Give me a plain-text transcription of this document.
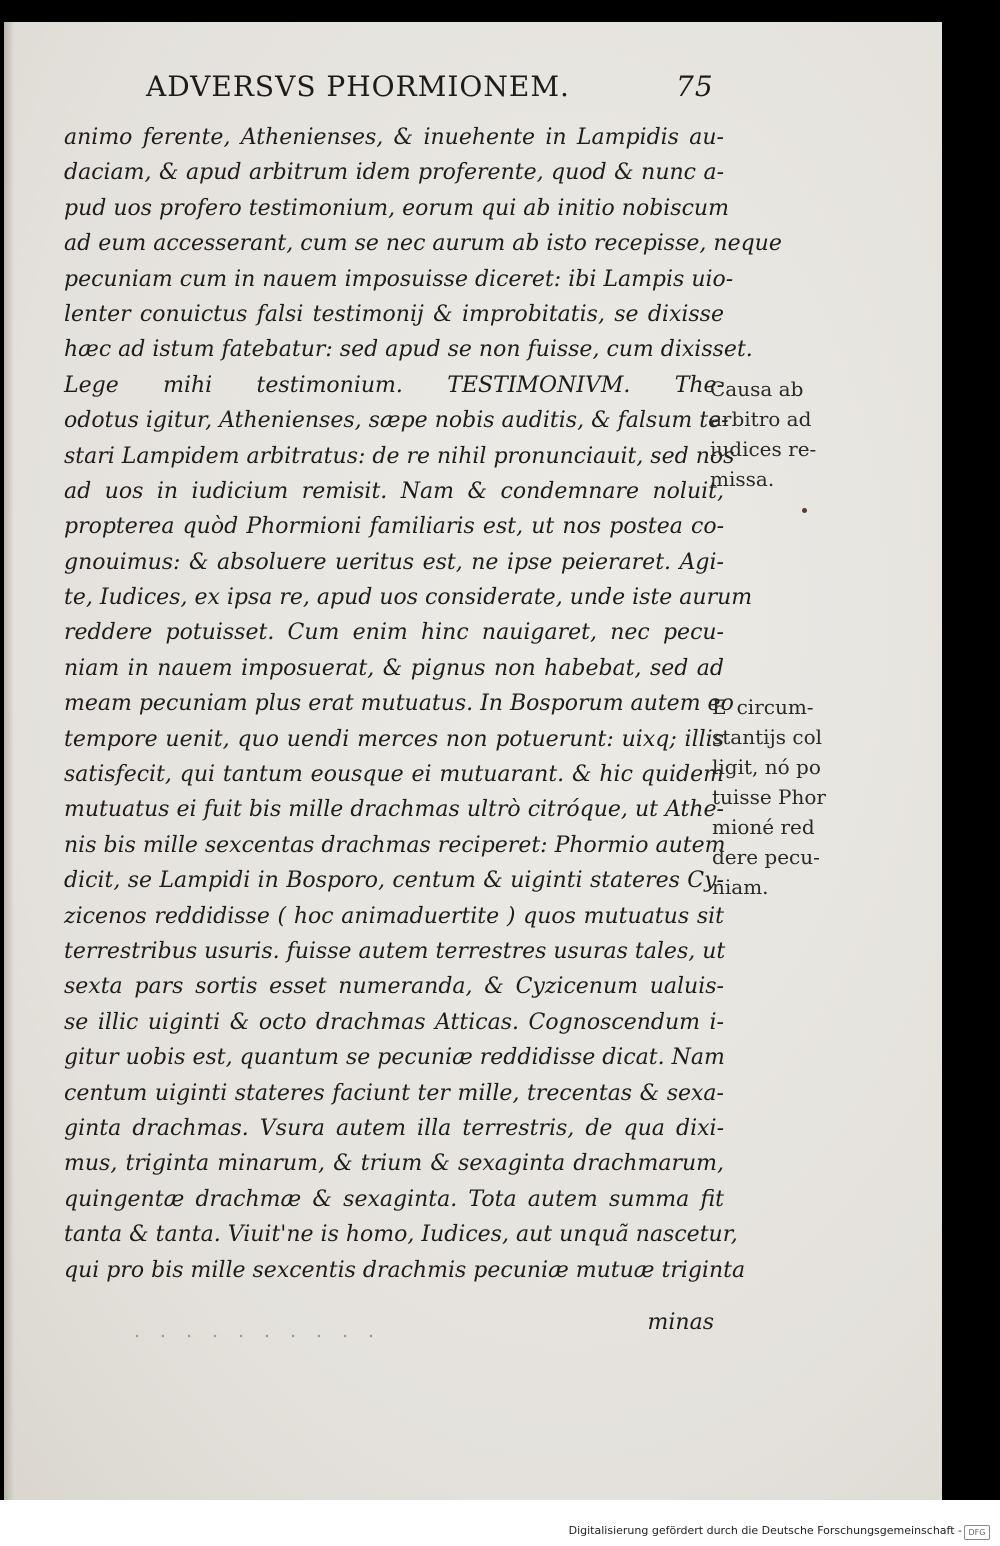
ADVERSVS PHORMIONEM.	75
animo ferente, Athenienses, & inuehente in Lampidis au-
daciam, & apud arbitrum idem proferente, quod & nunc a-
pud uos profero testimonium, eorum qui ab initio nobiscum
ad eum accesserant, cum se nec aurum ab isto recepisse, neque
pecuniam cum in nauem imposuisse diceret: ibi Lampis uio-
lenter conuictus falsi testimonij & improbitatis, se dixisse
hæc ad istum fatebatur: sed apud se non fuisse, cum dixisset.
Lege mihi testimonium. TESTIMONIVM. The-
odotus igitur, Athenienses, sæpe nobis auditis, & falsum te-
stari Lampidem arbitratus: de re nihil pronunciauit, sed nos
ad uos in iudicium remisit. Nam & condemnare noluit,
propterea quòd Phormioni familiaris est, ut nos postea co-
gnouimus: & absoluere ueritus est, ne ipse peieraret. Agi-
te, Iudices, ex ipsa re, apud uos considerate, unde iste aurum
reddere potuisset. Cum enim hinc nauigaret, nec pecu-
niam in nauem imposuerat, & pignus non habebat, sed ad
meam pecuniam plus erat mutuatus. In Bosporum autem eo
tempore uenit, quo uendi merces non potuerunt: uixq; illis
satisfecit, qui tantum eousque ei mutuarant. & hic quidem
mutuatus ei fuit bis mille drachmas ultrò citróque, ut Athe-
nis bis mille sexcentas drachmas reciperet: Phormio autem
dicit, se Lampidi in Bosporo, centum & uiginti stateres Cy-
zicenos reddidisse ( hoc animaduertite ) quos mutuatus sit
terrestribus usuris. fuisse autem terrestres usuras tales, ut
sexta pars sortis esset numeranda, & Cyzicenum ualuis-
se illic uiginti & octo drachmas Atticas. Cognoscendum i-
gitur uobis est, quantum se pecuniæ reddidisse dicat. Nam
centum uiginti stateres faciunt ter mille, trecentas & sexa-
ginta drachmas. Vsura autem illa terrestris, de qua dixi-
mus, triginta minarum, & trium & sexaginta drachmarum,
quingentæ drachmæ & sexaginta. Tota autem summa fit
tanta & tanta. Viuit'ne is homo, Iudices, aut unquã nascetur,
qui pro bis mille sexcentis drachmis pecuniæ mutuæ triginta
minas
Causa ab
arbitro ad
iudices re-
missa.
E`circum-
stantijs col
ligit, nó po
tuisse Phor
mioné red
dere pecu-
niam.
Digitalisierung gefördert durch die Deutsche Forschungsgemeinschaft - DFG
